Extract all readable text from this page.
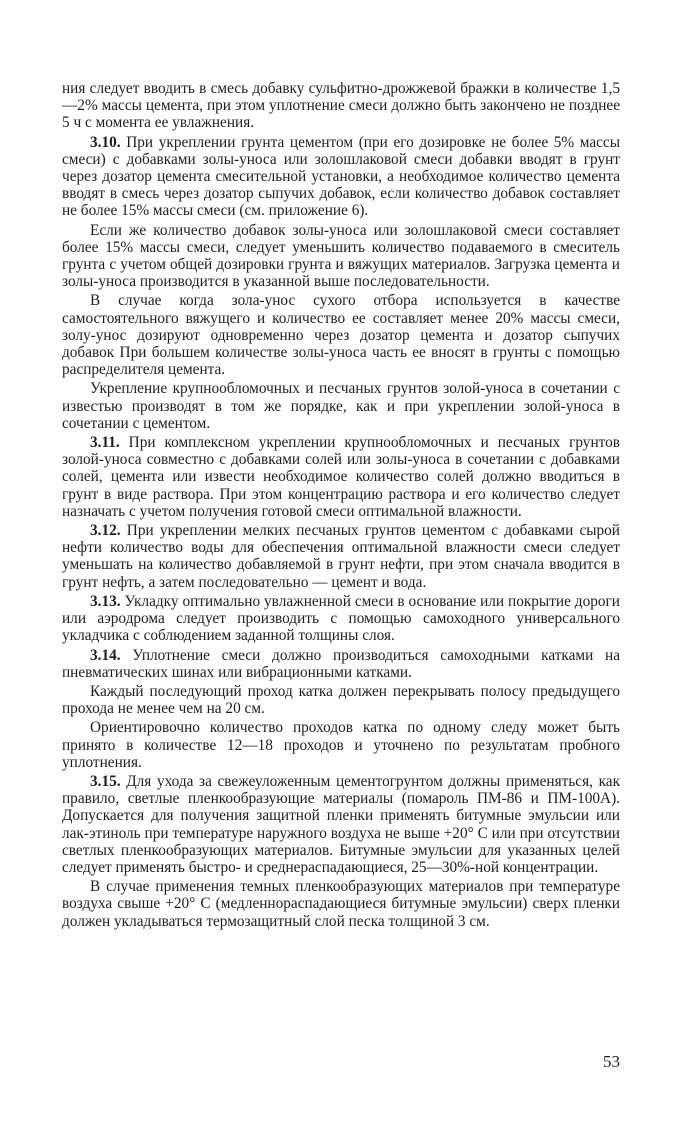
ния следует вводить в смесь добавку сульфитно-дрожжевой бражки в количестве 1,5—2% массы цемента, при этом уплотнение смеси должно быть закончено не позднее 5 ч с момента ее увлажнения.

3.10. При укреплении грунта цементом (при его дозировке не более 5% массы смеси) с добавками золы-уноса или золошлаковой смеси добавки вводят в грунт через дозатор цемента смесительной установки, а необходимое количество цемента вводят в смесь через дозатор сыпучих добавок, если количество добавок составляет не более 15% массы смеси (см. приложение 6).

Если же количество добавок золы-уноса или золошлаковой смеси составляет более 15% массы смеси, следует уменьшить количество подаваемого в смеситель грунта с учетом общей дозировки грунта и вяжущих материалов. Загрузка цемента и золы-уноса производится в указанной выше последовательности.

В случае когда зола-унос сухого отбора используется в качестве самостоятельного вяжущего и количество ее составляет менее 20% массы смеси, золу-унос дозируют одновременно через дозатор цемента и дозатор сыпучих добавок При большем количестве золы-уноса часть ее вносят в грунты с помощью распределителя цемента.

Укрепление крупнообломочных и песчаных грунтов золой-уноса в сочетании с известью производят в том же порядке, как и при укреплении золой-уноса в сочетании с цементом.

3.11. При комплексном укреплении крупнообломочных и песчаных грунтов золой-уноса совместно с добавками солей или золы-уноса в сочетании с добавками солей, цемента или извести необходимое количество солей должно вводиться в грунт в виде раствора. При этом концентрацию раствора и его количество следует назначать с учетом получения готовой смеси оптимальной влажности.

3.12. При укреплении мелких песчаных грунтов цементом с добавками сырой нефти количество воды для обеспечения оптимальной влажности смеси следует уменьшать на количество добавляемой в грунт нефти, при этом сначала вводится в грунт нефть, а затем последовательно — цемент и вода.

3.13. Укладку оптимально увлажненной смеси в основание или покрытие дороги или аэродрома следует производить с помощью самоходного универсального укладчика с соблюдением заданной толщины слоя.

3.14. Уплотнение смеси должно производиться самоходными катками на пневматических шинах или вибрационными катками.

Каждый последующий проход катка должен перекрывать полосу предыдущего прохода не менее чем на 20 см.

Ориентировочно количество проходов катка по одному следу может быть принято в количестве 12—18 проходов и уточнено по результатам пробного уплотнения.

3.15. Для ухода за свежеуложенным цементогрунтом должны применяться, как правило, светлые пленкообразующие материалы (помароль ПМ-86 и ПМ-100А). Допускается для получения защитной пленки применять битумные эмульсии или лак-этиноль при температуре наружного воздуха не выше +20° С или при отсутствии светлых пленкообразующих материалов. Битумные эмульсии для указанных целей следует применять быстро- и среднераспадающиеся, 25—30%-ной концентрации.

В случае применения темных пленкообразующих материалов при температуре воздуха свыше +20° С (медленнораспадающиеся битумные эмульсии) сверх пленки должен укладываться термозащитный слой песка толщиной 3 см.

53
